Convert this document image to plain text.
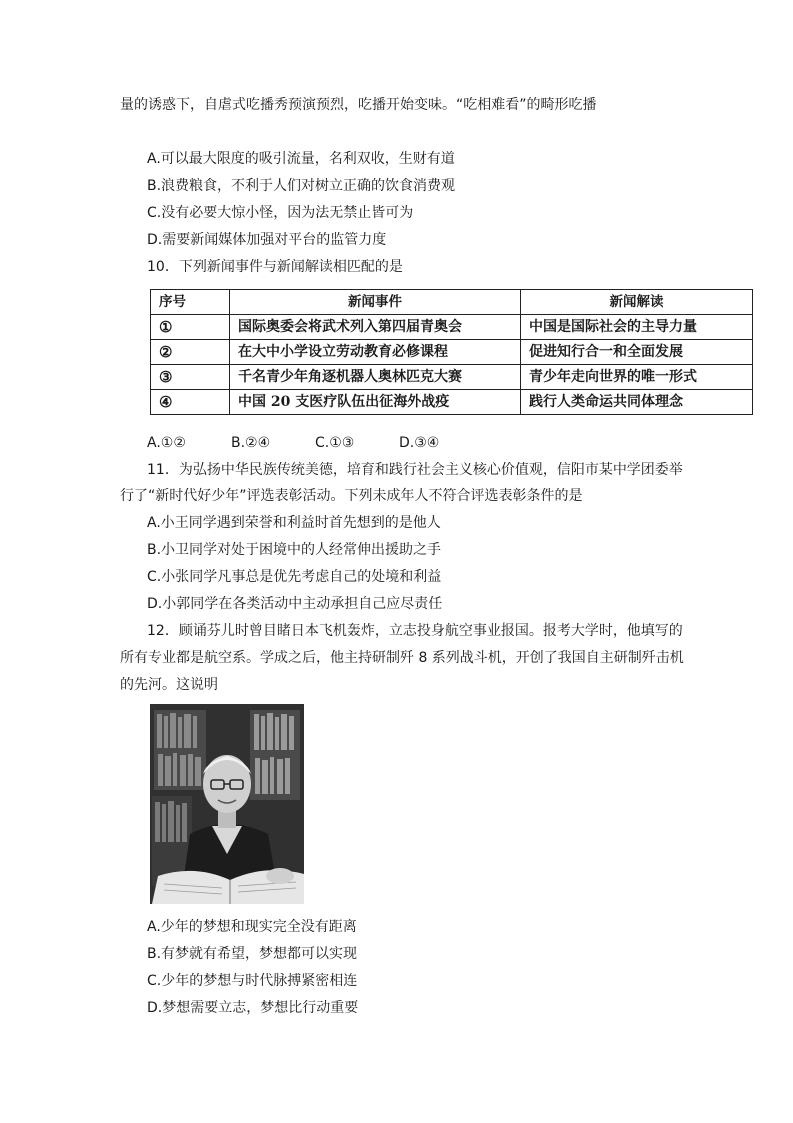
量的诱惑下，自虐式吃播秀预演预烈，吃播开始变味。“吃相难看”的畸形吃播
A.可以最大限度的吸引流量，名利双收，生财有道
B.浪费粮食，不利于人们对树立正确的饮食消费观
C.没有必要大惊小怪，因为法无禁止皆可为
D.需要新闻媒体加强对平台的监管力度
10．下列新闻事件与新闻解读相匹配的是
序号	新闻事件	新闻解读
①	国际奥委会将武术列入第四届青奥会	中国是国际社会的主导力量
②	在大中小学设立劳动教育必修课程	促进知行合一和全面发展
③	千名青少年角逐机器人奥林匹克大赛	青少年走向世界的唯一形式
④	中国 20 支医疗队伍出征海外战疫	践行人类命运共同体理念
A.①②	B.②④	C.①③	D.③④
11．为弘扬中华民族传统美德，培育和践行社会主义核心价值观，信阳市某中学团委举
行了“新时代好少年”评选表彰活动。下列未成年人不符合评选表彰条件的是
A.小王同学遇到荣誉和利益时首先想到的是他人
B.小卫同学对处于困境中的人经常伸出援助之手
C.小张同学凡事总是优先考虑自己的处境和利益
D.小郭同学在各类活动中主动承担自己应尽责任
12．顾诵芬儿时曾目睹日本飞机轰炸，立志投身航空事业报国。报考大学时，他填写的
所有专业都是航空系。学成之后，他主持研制歼 8 系列战斗机，开创了我国自主研制歼击机
的先河。这说明
A.少年的梦想和现实完全没有距离
B.有梦就有希望，梦想都可以实现
C.少年的梦想与时代脉搏紧密相连
D.梦想需要立志，梦想比行动重要
